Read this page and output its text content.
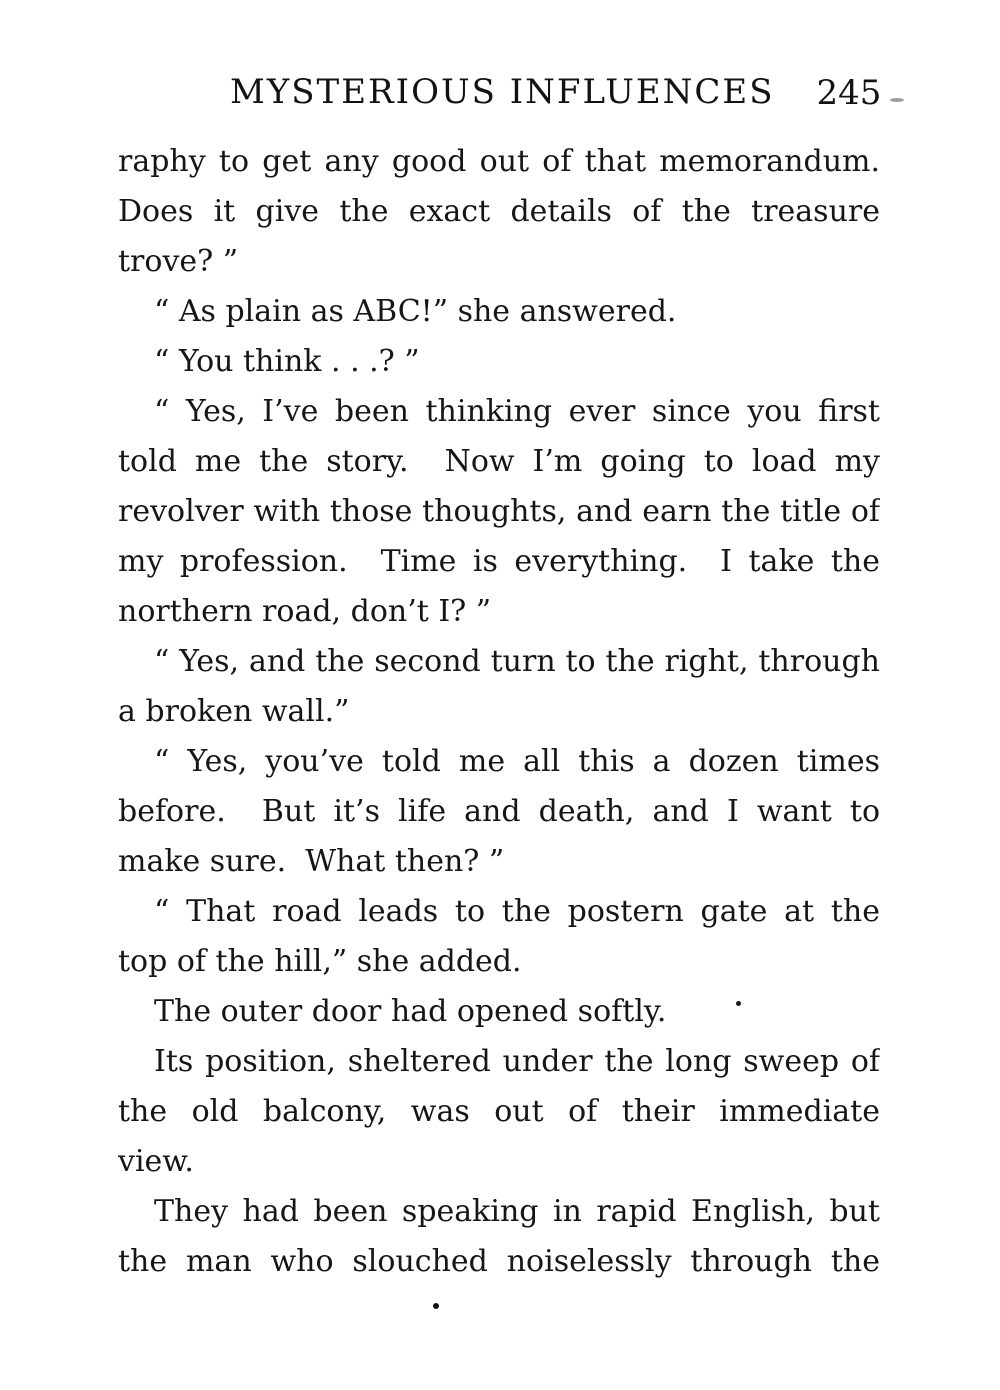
MYSTERIOUS INFLUENCES 245
raphy to get any good out of that memorandum.
Does it give the exact details of the treasure
trove? ”
“ As plain as ABC!” she answered.
“ You think . . .? ”
“ Yes, I’ve been thinking ever since you first
told me the story.  Now I’m going to load my
revolver with those thoughts, and earn the title of
my profession.  Time is everything.  I take the
northern road, don’t I? ”
“ Yes, and the second turn to the right, through
a broken wall.”
“ Yes, you’ve told me all this a dozen times
before.  But it’s life and death, and I want to
make sure.  What then? ”
“ That road leads to the postern gate at the
top of the hill,” she added.
The outer door had opened softly.
Its position, sheltered under the long sweep of
the old balcony, was out of their immediate
view.
They had been speaking in rapid English, but
the man who slouched noiselessly through the
